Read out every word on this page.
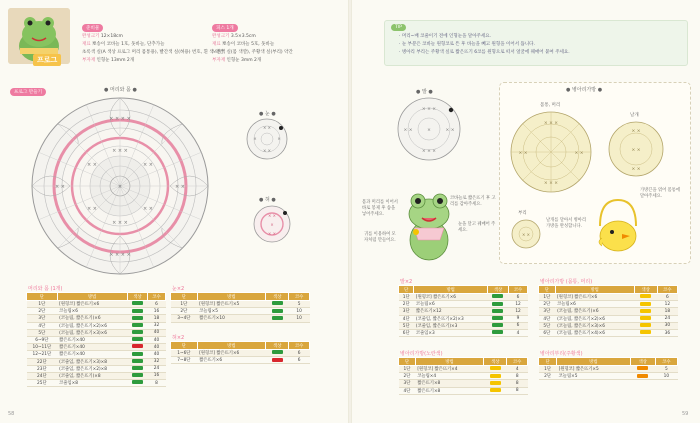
프로그
준비물
완성크기 12×18cm
재료 뽀송이 코바늘 1호, 돗바늘, 단추가늘
초록색 실(A 색상 프로그 머리 몸통용), 빨간색 실(혀용) 번호, 흰 색 약간
부자재 인형눈 13mm 2개
피스 1개
완성크기 3.5×3.5cm
재료 뽀송이 코바늘 5호, 돗바늘
노란색 실(몸 색깔), 주황색 실(부리) 약간
부자재 인형눈 3mm 2개
프로그 만들기	● 머리와 몸 ●
× × × ×
× × × ×
× ×	× ×
× × ×
× × ×
× ×	× ×
× ×	× ×
×
● 눈 ●
× ×
× ×
×	×
● 혀 ●
× ×
× ×
×
머리와 몸 (1개)
단	방법	색상	코수
1단	[원형코] 짧은뜨기×6		6
2단	코늘림×6		16
3단	(코늘림, 짧은뜨기)×6		18
4단	(코늘림, 짧은뜨기×2)×6		32
5단	(코늘림, 짧은뜨기×3)×6		40
6~9단	짧은뜨기×40		40
10~11단	짧은뜨기×40		40
12~21단	짧은뜨기×40		40
22단	(코줄임, 짧은뜨기×3)×8		32
23단	(코줄임, 짧은뜨기×2)×8		24
24단	(코줄임, 짧은뜨기)×8		16
25단	코줄임×8		8
눈×2
단	방법	색상	코수
1단	[원형코] 짧은뜨기×5		5
2단	코늘림×5		10
3~4단	짧은뜨기×10		10
혀×2
단	방법	색상	코수
1~6단	[원형코] 짧은뜨기×6		6
7~8단	짧은뜨기×6		6
58
TIP
· 머리~배 코줄이기 전에 인형눈을 달아주세요.
· 눈 부분은 코바늘 원형코로 뜬 후 바늘을 빼고 원형을 이어서 뜹니다.
· 병아리 부리는 주황색 실로 짧은뜨기 6코를 원형으로 떠서 얼굴에 꿰매어 붙여 주세요.
● 발 ●
× × ×
× × ×
× ×	× ×
×
몸과 머리를 이어서 바로 봉제 후 솜을 넣어주세요.
코바늘로 짧은뜨기 후 고리를 감아주세요.
눈을 달고 꿰매어 주세요.
귀를 이용하여 모자처럼 만들어요.
● 병아리가방 ●
몸통, 머리
× × ×
× × ×
× ×	× ×
날개
× ×
× ×
× ×
부리
× ×
날개를 달아서 병아리 가방을 완성합니다.
가방끈을 엮어 몸통에 달아주세요.
발×2
단	방법	색상	코수
1단	[원형코] 짧은뜨기×6		6
2단	코늘림×6		12
3단	짧은뜨기×12		12
4단	(코줄임, 짧은뜨기×2)×3		9
5단	(코줄임, 짧은뜨기)×3		6
6단	코줄임×3		4
병아리가방(노란색)
단	방법	색상	코수
1단	[원형코] 짧은뜨기×4		4
2단	코늘림×4		8
3단	짧은뜨기×8		8
4단	짧은뜨기×8		8
병아리가방 (몸통, 머리)
단	방법	색상	코수
1단	[원형코] 짧은뜨기×6		6
2단	코늘림×6		12
3단	(코늘림, 짧은뜨기)×6		18
4단	(코늘림, 짧은뜨기×2)×6		24
5단	(코늘림, 짧은뜨기×3)×6		30
6단	(코늘림, 짧은뜨기×4)×6		36
병아리부리(주황색)
단	방법	색상	코수
1단	[원형코] 짧은뜨기×5		5
2단	코늘림×5		10
59
